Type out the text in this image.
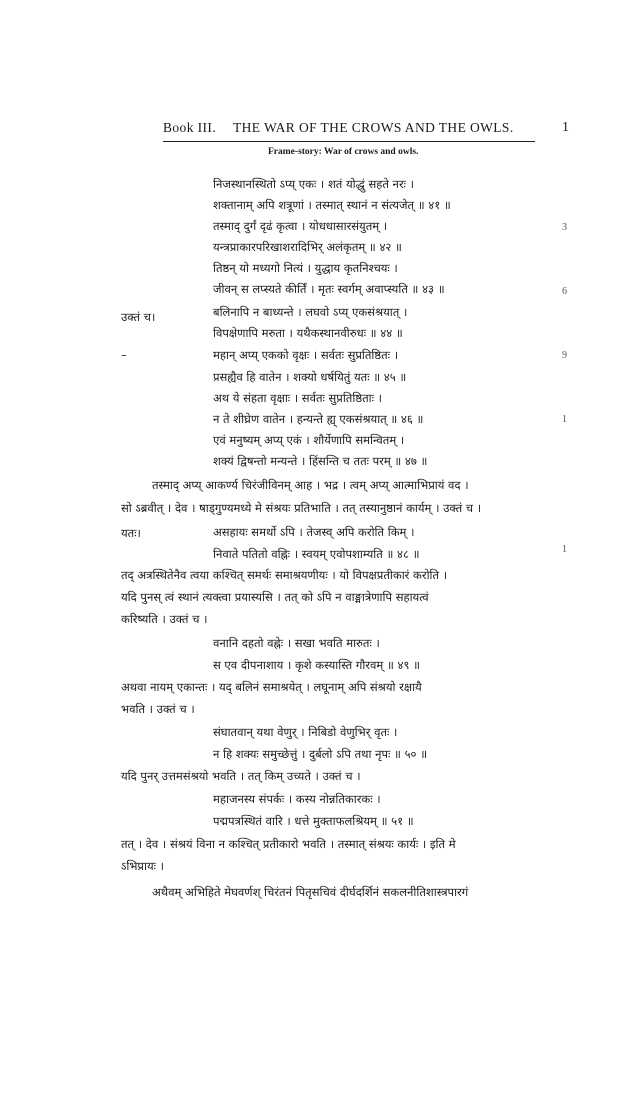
Book III. THE WAR OF THE CROWS AND THE OWLS.	1
Frame-story: War of crows and owls.
3
6
9
1
1
उक्तं च।
–
यतः।
निजस्थानस्थितो ऽप्य् एकः । शतं योद्धुं सहते नरः ।
शक्तानाम् अपि शत्रूणां । तस्मात् स्थानं न संत्यजेत् ॥ ४१ ॥
तस्माद् दुर्गं दृढं कृत्वा । योधधासारसंयुतम् ।
यन्त्रप्राकारपरिखाशरादिभिर् अलंकृतम् ॥ ४२ ॥
तिष्ठन् यो मध्यगो नित्यं । युद्धाय कृतनिश्चयः ।
जीवन् स लप्स्यते कीर्तिं । मृतः स्वर्गम् अवाप्स्यति ॥ ४३ ॥
बलिनापि न बाध्यन्ते । लघवो ऽप्य् एकसंश्रयात् ।
विपक्षेणापि मरुता । यथैकस्थानवीरुधः ॥ ४४ ॥
महान् अप्य् एकको वृक्षः । सर्वतः सुप्रतिष्ठितः ।
प्रसह्यैव हि वातेन । शक्यो धर्षयितुं यतः ॥ ४५ ॥
अथ ये संहता वृक्षाः । सर्वतः सुप्रतिष्ठिताः ।
न ते शीघ्रेण वातेन । हन्यन्ते ह्य् एकसंश्रयात् ॥ ४६ ॥
एवं मनुष्यम् अप्य् एकं । शौर्येणापि समन्वितम् ।
शक्यं द्विषन्तो मन्यन्ते । हिंसन्ति च ततः परम् ॥ ४७ ॥
तस्माद् अप्य् आकर्ण्य चिरंजीविनम् आह । भद्र । त्वम् अप्य् आत्माभिप्रायं वद ।
सो ऽब्रवीत् । देव । षाड्गुण्यमध्ये मे संश्रयः प्रतिभाति । तत् तस्यानुष्ठानं कार्यम् । उक्तं च ।
असहायः समर्थो ऽपि । तेजस्व् अपि करोति किम् ।
निवाते पतितो वह्निः । स्वयम् एवोपशाम्यति ॥ ४८ ॥
तद् अत्रस्थितेनैव त्वया कश्चित् समर्थः समाश्रयणीयः । यो विपक्षप्रतीकारं करोति ।
यदि पुनस् त्वं स्थानं त्यक्त्वा प्रयास्यसि । तत् को ऽपि न वाङ्मात्रेणापि सहायत्वं
करिष्यति । उक्तं च ।
वनानि दहतो वह्नेः । सखा भवति मारुतः ।
स एव दीपनाशाय । कृशे कस्यास्ति गौरवम् ॥ ४९ ॥
अथवा नायम् एकान्तः । यद् बलिनं समाश्रयेत् । लघूनाम् अपि संश्रयो रक्षायै
भवति । उक्तं च ।
संघातवान् यथा वेणुर् । निबिडो वेणुभिर् वृतः ।
न हि शक्यः समुच्छेत्तुं । दुर्बलो ऽपि तथा नृपः ॥ ५० ॥
यदि पुनर् उत्तमसंश्रयो भवति । तत् किम् उच्यते । उक्तं च ।
महाजनस्य संपर्कः । कस्य नोन्नतिकारकः ।
पद्मपत्रस्थितं वारि । धत्ते मुक्ताफलश्रियम् ॥ ५१ ॥
तत् । देव । संश्रयं विना न कश्चित् प्रतीकारो भवति । तस्मात् संश्रयः कार्यः । इति मे
ऽभिप्रायः ।
अथैवम् अभिहिते मेघवर्णश् चिरंतनं पितृसचिवं दीर्घदर्शिनं सकलनीतिशास्त्रपारगं
